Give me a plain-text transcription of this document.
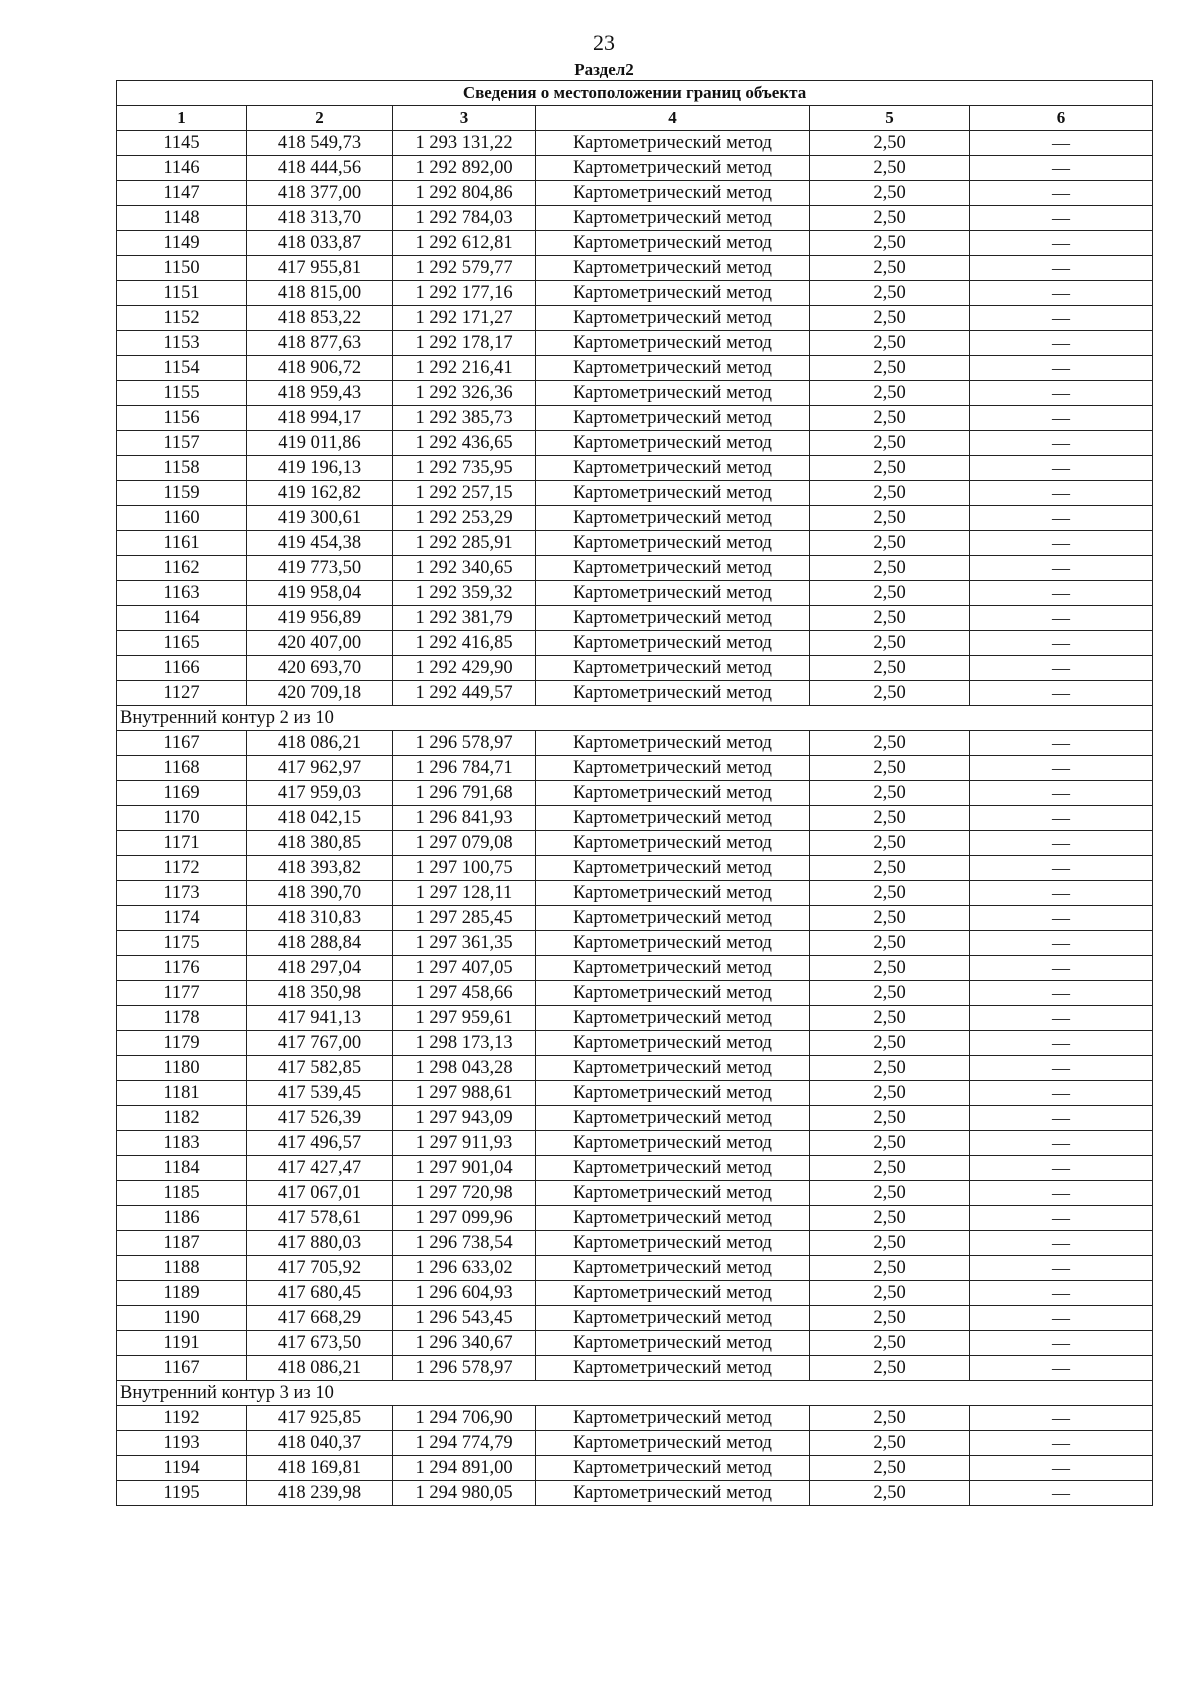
23
Раздел2
Сведения о местоположении границ объекта					
1	2	3	4	5	6
1145	418 549,73	1 293 131,22	Картометрический метод	2,50	—
1146	418 444,56	1 292 892,00	Картометрический метод	2,50	—
1147	418 377,00	1 292 804,86	Картометрический метод	2,50	—
1148	418 313,70	1 292 784,03	Картометрический метод	2,50	—
1149	418 033,87	1 292 612,81	Картометрический метод	2,50	—
1150	417 955,81	1 292 579,77	Картометрический метод	2,50	—
1151	418 815,00	1 292 177,16	Картометрический метод	2,50	—
1152	418 853,22	1 292 171,27	Картометрический метод	2,50	—
1153	418 877,63	1 292 178,17	Картометрический метод	2,50	—
1154	418 906,72	1 292 216,41	Картометрический метод	2,50	—
1155	418 959,43	1 292 326,36	Картометрический метод	2,50	—
1156	418 994,17	1 292 385,73	Картометрический метод	2,50	—
1157	419 011,86	1 292 436,65	Картометрический метод	2,50	—
1158	419 196,13	1 292 735,95	Картометрический метод	2,50	—
1159	419 162,82	1 292 257,15	Картометрический метод	2,50	—
1160	419 300,61	1 292 253,29	Картометрический метод	2,50	—
1161	419 454,38	1 292 285,91	Картометрический метод	2,50	—
1162	419 773,50	1 292 340,65	Картометрический метод	2,50	—
1163	419 958,04	1 292 359,32	Картометрический метод	2,50	—
1164	419 956,89	1 292 381,79	Картометрический метод	2,50	—
1165	420 407,00	1 292 416,85	Картометрический метод	2,50	—
1166	420 693,70	1 292 429,90	Картометрический метод	2,50	—
1127	420 709,18	1 292 449,57	Картометрический метод	2,50	—
Внутренний контур 2 из 10					
1167	418 086,21	1 296 578,97	Картометрический метод	2,50	—
1168	417 962,97	1 296 784,71	Картометрический метод	2,50	—
1169	417 959,03	1 296 791,68	Картометрический метод	2,50	—
1170	418 042,15	1 296 841,93	Картометрический метод	2,50	—
1171	418 380,85	1 297 079,08	Картометрический метод	2,50	—
1172	418 393,82	1 297 100,75	Картометрический метод	2,50	—
1173	418 390,70	1 297 128,11	Картометрический метод	2,50	—
1174	418 310,83	1 297 285,45	Картометрический метод	2,50	—
1175	418 288,84	1 297 361,35	Картометрический метод	2,50	—
1176	418 297,04	1 297 407,05	Картометрический метод	2,50	—
1177	418 350,98	1 297 458,66	Картометрический метод	2,50	—
1178	417 941,13	1 297 959,61	Картометрический метод	2,50	—
1179	417 767,00	1 298 173,13	Картометрический метод	2,50	—
1180	417 582,85	1 298 043,28	Картометрический метод	2,50	—
1181	417 539,45	1 297 988,61	Картометрический метод	2,50	—
1182	417 526,39	1 297 943,09	Картометрический метод	2,50	—
1183	417 496,57	1 297 911,93	Картометрический метод	2,50	—
1184	417 427,47	1 297 901,04	Картометрический метод	2,50	—
1185	417 067,01	1 297 720,98	Картометрический метод	2,50	—
1186	417 578,61	1 297 099,96	Картометрический метод	2,50	—
1187	417 880,03	1 296 738,54	Картометрический метод	2,50	—
1188	417 705,92	1 296 633,02	Картометрический метод	2,50	—
1189	417 680,45	1 296 604,93	Картометрический метод	2,50	—
1190	417 668,29	1 296 543,45	Картометрический метод	2,50	—
1191	417 673,50	1 296 340,67	Картометрический метод	2,50	—
1167	418 086,21	1 296 578,97	Картометрический метод	2,50	—
Внутренний контур 3 из 10					
1192	417 925,85	1 294 706,90	Картометрический метод	2,50	—
1193	418 040,37	1 294 774,79	Картометрический метод	2,50	—
1194	418 169,81	1 294 891,00	Картометрический метод	2,50	—
1195	418 239,98	1 294 980,05	Картометрический метод	2,50	—
